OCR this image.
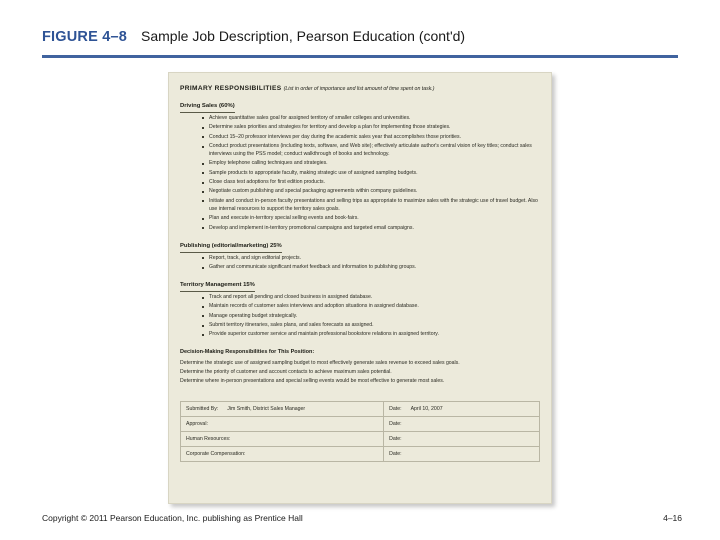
FIGURE 4–8 Sample Job Description, Pearson Education (cont'd)
PRIMARY RESPONSIBILITIES (List in order of importance and list amount of time spent on task.)
Driving Sales (60%)
Achieve quantitative sales goal for assigned territory of smaller colleges and universities.
Determine sales priorities and strategies for territory and develop a plan for implementing those strategies.
Conduct 15–20 professor interviews per day during the academic sales year that accomplishes those priorities.
Conduct product presentations (including texts, software, and Web site); effectively articulate author's central vision of key titles; conduct sales interviews using the PSS model; conduct walkthrough of books and technology.
Employ telephone calling techniques and strategies.
Sample products to appropriate faculty, making strategic use of assigned sampling budgets.
Close class test adoptions for first edition products.
Negotiate custom publishing and special packaging agreements within company guidelines.
Initiate and conduct in-person faculty presentations and selling trips as appropriate to maximize sales with the strategic use of travel budget. Also use internal resources to support the territory sales goals.
Plan and execute in-territory special selling events and book-fairs.
Develop and implement in-territory promotional campaigns and targeted email campaigns.
Publishing (editorial/marketing) 25%
Report, track, and sign editorial projects.
Gather and communicate significant market feedback and information to publishing groups.
Territory Management 15%
Track and report all pending and closed business in assigned database.
Maintain records of customer sales interviews and adoption situations in assigned database.
Manage operating budget strategically.
Submit territory itineraries, sales plans, and sales forecasts as assigned.
Provide superior customer service and maintain professional bookstore relations in assigned territory.
Decision-Making Responsibilities for This Position:
Determine the strategic use of assigned sampling budget to most effectively generate sales revenue to exceed sales goals.
Determine the priority of customer and account contacts to achieve maximum sales potential.
Determine where in-person presentations and special selling events would be most effective to generate most sales.
Submitted By: Jim Smith, District Sales Manager	Date: April 10, 2007
Approval:	Date:
Human Resources:	Date:
Corporate Compensation:	Date:
Copyright © 2011 Pearson Education, Inc. publishing as Prentice Hall	4–16
